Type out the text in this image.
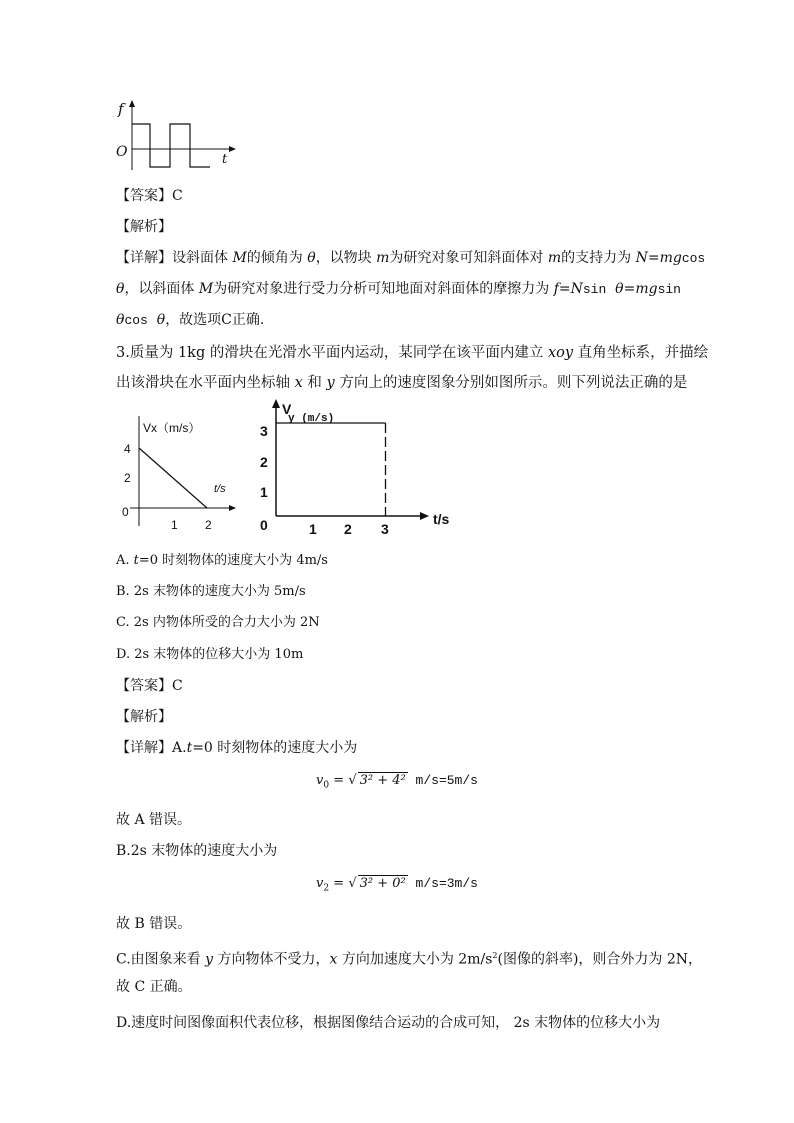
f
O	t
【答案】C
【解析】
【详解】设斜面体 M的倾角为 θ，以物块 m为研究对象可知斜面体对 m的支持力为 N=mgcos
θ，以斜面体 M为研究对象进行受力分析可知地面对斜面体的摩擦力为 f=Nsin θ=mgsin
θcos θ，故选项C正确.
3.质量为 1kg 的滑块在光滑水平面内运动，某同学在该平面内建立 xoy 直角坐标系，并描绘
出该滑块在水平面内坐标轴 x 和 y 方向上的速度图象分别如图所示。则下列说法正确的是
Vx（m/s）
t/s
4
2
0
1 2
V
y (m/s)
t/s
3
2
1
0	1 2 3
A. t=0 时刻物体的速度大小为 4m/s
B. 2s 末物体的速度大小为 5m/s
C. 2s 内物体所受的合力大小为 2N
D. 2s 末物体的位移大小为 10m
【答案】C
【解析】
【详解】A.t=0 时刻物体的速度大小为
$v_0$ = √ 3² + 4² m/s=5m/s
故 A 错误。
B.2s 末物体的速度大小为
$v_2$ = √ 3² + 0² m/s=3m/s
故 B 错误。
C.由图象来看 y 方向物体不受力，x 方向加速度大小为 $2m/s^2$(图像的斜率)，则合外力为 2N，
故 C 正确。
D.速度时间图像面积代表位移，根据图像结合运动的合成可知， 2s 末物体的位移大小为
